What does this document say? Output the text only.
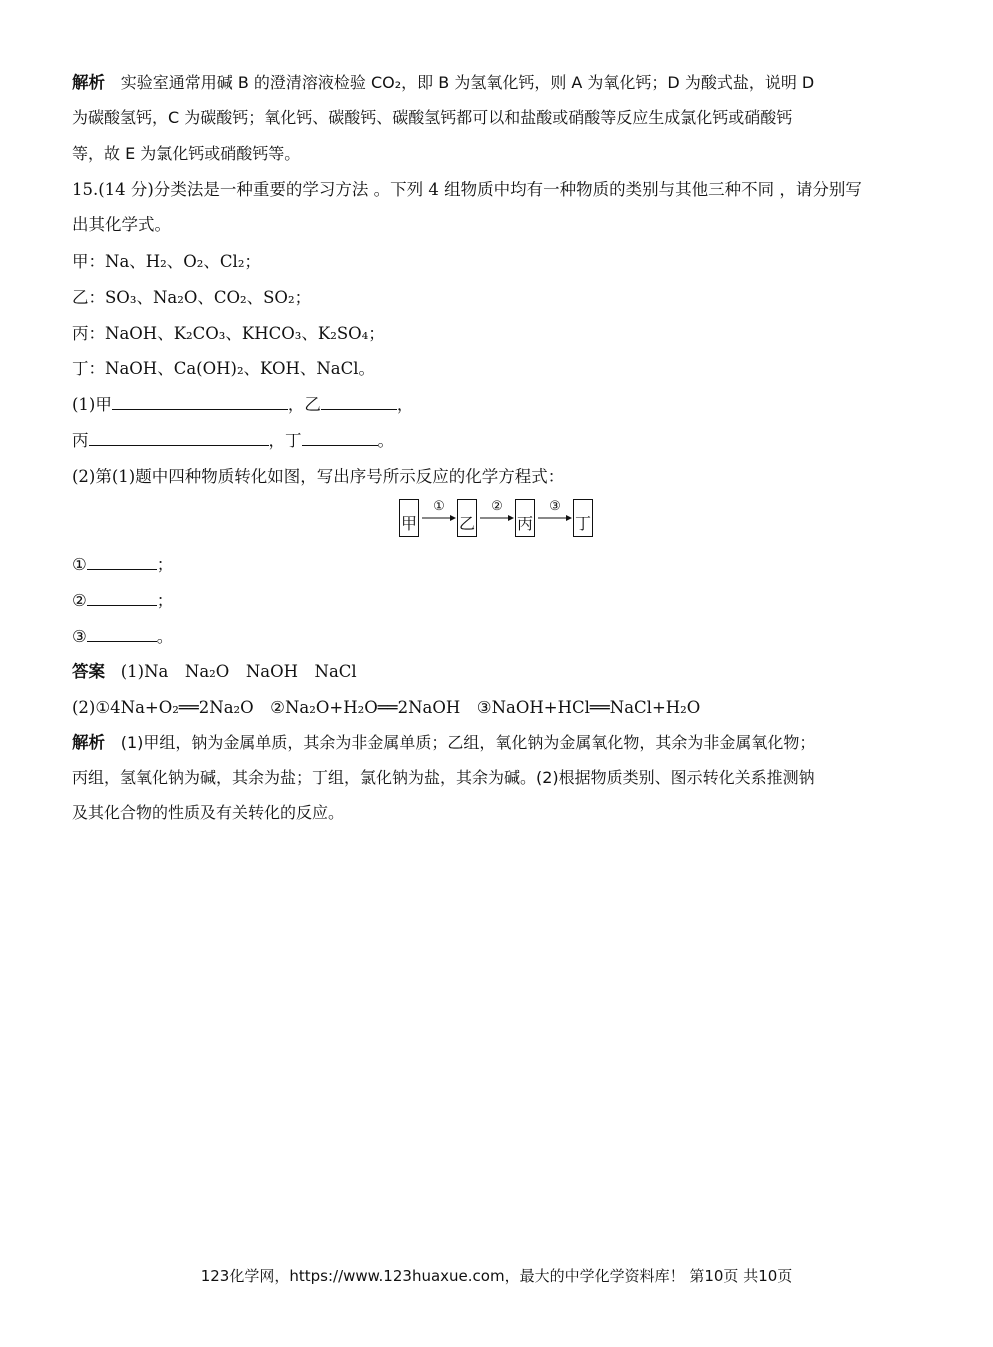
解析 实验室通常用碱 B 的澄清溶液检验 CO₂，即 B 为氢氧化钙，则 A 为氧化钙；D 为酸式盐，说明 D
为碳酸氢钙，C 为碳酸钙；氧化钙、碳酸钙、碳酸氢钙都可以和盐酸或硝酸等反应生成氯化钙或硝酸钙
等，故 E 为氯化钙或硝酸钙等。
15.(14 分)分类法是一种重要的学习方法 。下列 4 组物质中均有一种物质的类别与其他三种不同 ，请分别写
出其化学式。
甲：Na、H₂、O₂、Cl₂；
乙：SO₃、Na₂O、CO₂、SO₂；
丙：NaOH、K₂CO₃、KHCO₃、K₂SO₄；
丁：NaOH、Ca(OH)₂、KOH、NaCl。
(1)甲	，乙	，
丙	，丁	。
(2)第(1)题中四种物质转化如图，写出序号所示反应的化学方程式：
甲
①
乙
②
丙
③
丁
①	；
②	；
③	。
答案 (1)Na　Na₂O　NaOH　NaCl
(2)①4Na+O₂══2Na₂O　②Na₂O+H₂O══2NaOH　③NaOH+HCl══NaCl+H₂O
解析 (1)甲组，钠为金属单质，其余为非金属单质；乙组，氧化钠为金属氧化物，其余为非金属氧化物；
丙组，氢氧化钠为碱，其余为盐；丁组，氯化钠为盐，其余为碱。(2)根据物质类别、图示转化关系推测钠
及其化合物的性质及有关转化的反应。
123化学网，https://www.123huaxue.com，最大的中学化学资料库！ 第10页 共10页
